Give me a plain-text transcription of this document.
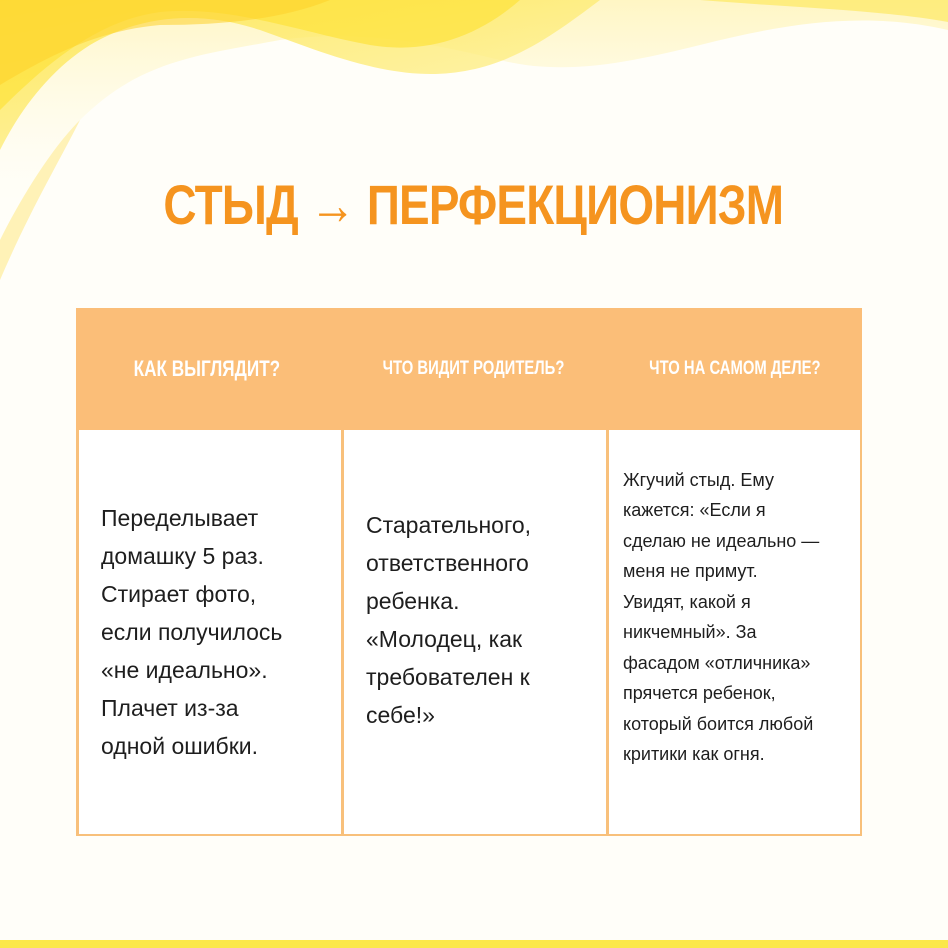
СТЫД → ПЕРФЕКЦИОНИЗМ
КАК ВЫГЛЯДИТ?	ЧТО ВИДИТ РОДИТЕЛЬ?	ЧТО НА САМОМ ДЕЛЕ?
Переделывает
домашку 5 раз.
Стирает фото,
если получилось
«не идеально».
Плачет из-за
одной ошибки.
Старательного,
ответственного
ребенка.
«Молодец, как
требователен к
себе!»
Жгучий стыд. Ему
кажется: «Если я
сделаю не идеально —
меня не примут.
Увидят, какой я
никчемный». За
фасадом «отличника»
прячется ребенок,
который боится любой
критики как огня.
